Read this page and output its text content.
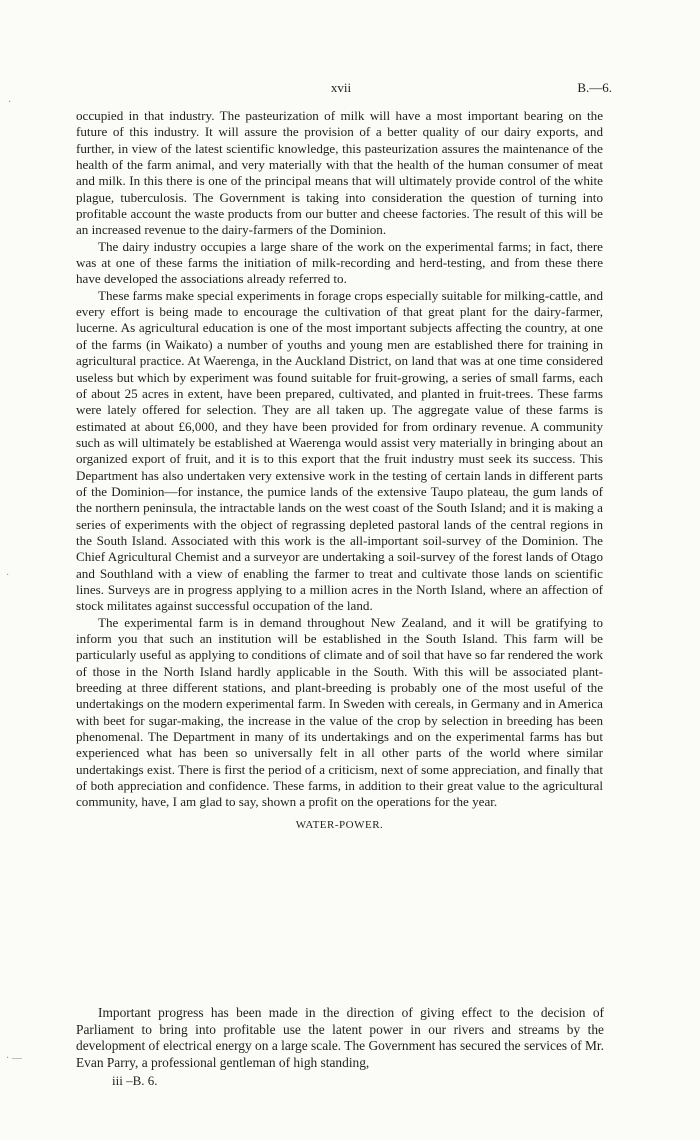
xvii	B.—6.

occupied in that industry. The pasteurization of milk will have a most important bearing on the future of this industry. It will assure the provision of a better quality of our dairy exports, and further, in view of the latest scientific knowledge, this pasteurization assures the maintenance of the health of the farm animal, and very materially with that the health of the human consumer of meat and milk. In this there is one of the principal means that will ultimately provide control of the white plague, tuberculosis. The Government is taking into consideration the question of turning into profitable account the waste products from our butter and cheese factories. The result of this will be an increased revenue to the dairy-farmers of the Dominion.

The dairy industry occupies a large share of the work on the experimental farms; in fact, there was at one of these farms the initiation of milk-recording and herd-testing, and from these there have developed the associations already referred to.

These farms make special experiments in forage crops especially suitable for milking-cattle, and every effort is being made to encourage the cultivation of that great plant for the dairy-farmer, lucerne. As agricultural education is one of the most important subjects affecting the country, at one of the farms (in Waikato) a number of youths and young men are established there for training in agricultural practice. At Waerenga, in the Auckland District, on land that was at one time considered useless but which by experiment was found suitable for fruit-growing, a series of small farms, each of about 25 acres in extent, have been prepared, cultivated, and planted in fruit-trees. These farms were lately offered for selection. They are all taken up. The aggregate value of these farms is estimated at about £6,000, and they have been provided for from ordinary revenue. A community such as will ultimately be established at Waerenga would assist very materially in bringing about an organized export of fruit, and it is to this export that the fruit industry must seek its success. This Department has also undertaken very extensive work in the testing of certain lands in different parts of the Dominion—for instance, the pumice lands of the extensive Taupo plateau, the gum lands of the northern peninsula, the intractable lands on the west coast of the South Island; and it is making a series of experiments with the object of regrassing depleted pastoral lands of the central regions in the South Island. Associated with this work is the all-important soil-survey of the Dominion. The Chief Agricultural Chemist and a surveyor are undertaking a soil-survey of the forest lands of Otago and Southland with a view of enabling the farmer to treat and cultivate those lands on scientific lines. Surveys are in progress applying to a million acres in the North Island, where an affection of stock militates against successful occupation of the land.

The experimental farm is in demand throughout New Zealand, and it will be gratifying to inform you that such an institution will be established in the South Island. This farm will be particularly useful as applying to conditions of climate and of soil that have so far rendered the work of those in the North Island hardly applicable in the South. With this will be associated plant-breeding at three different stations, and plant-breeding is probably one of the most useful of the undertakings on the modern experimental farm. In Sweden with cereals, in Germany and in America with beet for sugar-making, the increase in the value of the crop by selection in breeding has been phenomenal. The Department in many of its undertakings and on the experimental farms has but experienced what has been so universally felt in all other parts of the world where similar undertakings exist. There is first the period of a criticism, next of some appreciation, and finally that of both appreciation and confidence. These farms, in addition to their great value to the agricultural community, have, I am glad to say, shown a profit on the operations for the year.

WATER-POWER.

Important progress has been made in the direction of giving effect to the decision of Parliament to bring into profitable use the latent power in our rivers and streams by the development of electrical energy on a large scale. The Government has secured the services of Mr. Evan Parry, a professional gentleman of high standing,

iii –B. 6.
·
·
· —
